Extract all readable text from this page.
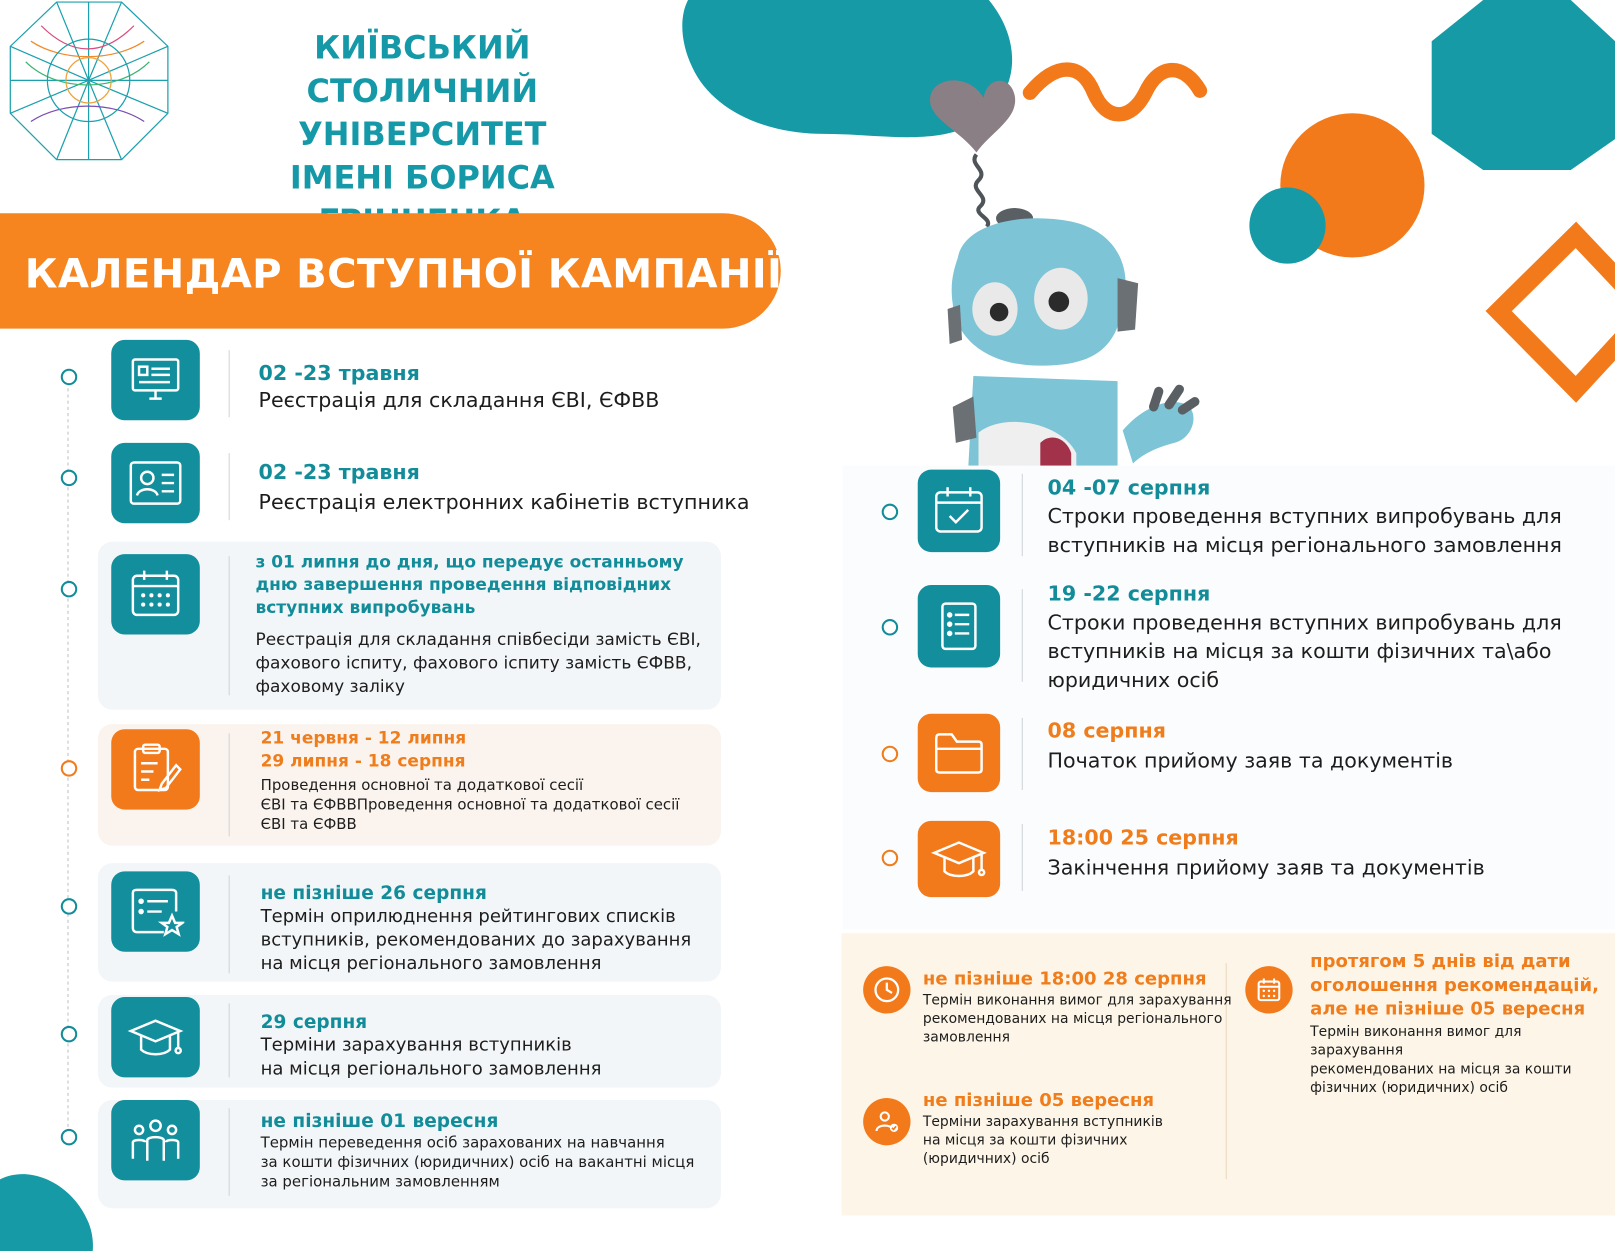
КИЇВСЬКИЙ
СТОЛИЧНИЙ УНІВЕРСИТЕТ
ІМЕНІ БОРИСА
КАЛЕНДАР ВСТУПНОЇ КАМПАНІЇ
02 -23 травня
Реєстрація для складання ЄВІ, ЄФВВ
02 -23 травня
Реєстрація електронних кабінетів вступника
з 01 липня до дня, що передує останньому
дню завершення проведення відповідних
вступних випробувань
Реєстрація для складання співбесіди замість ЄВІ,
фахового іспиту, фахового іспиту замість ЄФВВ,
фаховому заліку
21 червня - 12 липня
29 липня - 18 серпня
Проведення основної та додаткової сесії
ЄВІ та ЄФВВПроведення основної та додаткової сесії
ЄВІ та ЄФВВ
не пізніше 26 серпня
Термін оприлюднення рейтингових списків
вступників, рекомендованих до зарахування
на місця регіонального замовлення
29 серпня
Терміни зарахування вступників
на місця регіонального замовлення
не пізніше 01 вересня
Термін переведення осіб зарахованих на навчання
за кошти фізичних (юридичних) осіб на вакантні місця
за регіональним замовленням
04 -07 серпня
Строки проведення вступних випробувань для
вступників на місця регіонального замовлення
19 -22 серпня
Строки проведення вступних випробувань для
вступників на місця за кошти фізичних та\або
юридичних осіб
08 серпня
Початок прийому заяв та документів
18:00 25 серпня
Закінчення прийому заяв та документів
не пізніше 18:00 28 серпня
Термін виконання вимог для зарахування
рекомендованих на місця регіонального
замовлення
протягом 5 днів від дати
оголошення рекомендацій,
але не пізніше 05 вересня
Термін виконання вимог для зарахування
рекомендованих на місця за кошти
фізичних (юридичних) осіб
не пізніше 05 вересня
Терміни зарахування вступників
на місця за кошти фізичних
(юридичних) осіб
